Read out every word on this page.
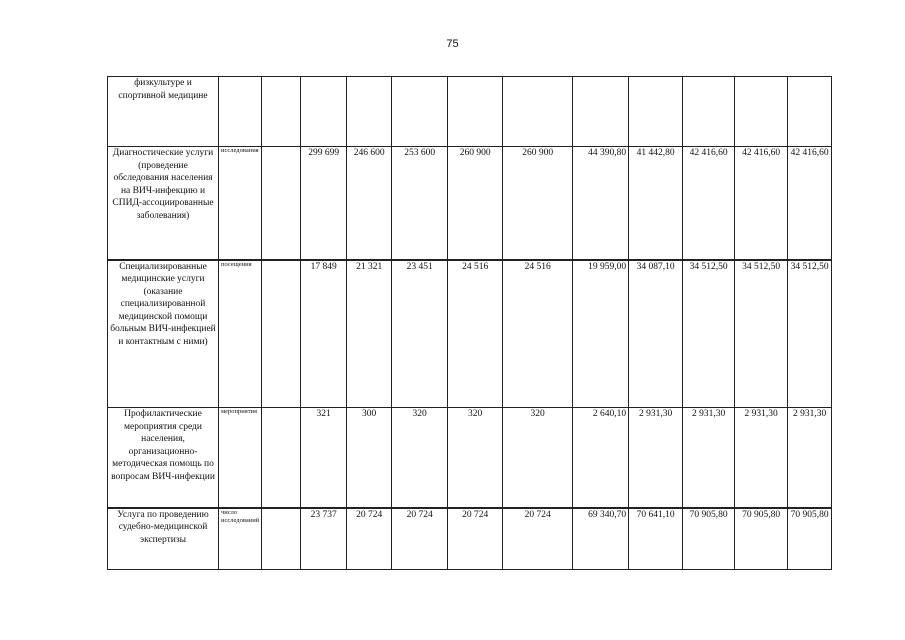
75
физкультуре и спортивной медицине												
Диагностические услуги (проведение обследования населения на ВИЧ-инфекцию и СПИД-ассоциированные заболевания)	исследования		299 699	246 600	253 600	260 900	260 900	44 390,80	41 442,80	42 416,60	42 416,60	42 416,60
Специализированные медицинские услуги (оказание специализированной медицинской помощи больным ВИЧ-инфекцией и контактным с ними)	посещения		17 849	21 321	23 451	24 516	24 516	19 959,00	34 087,10	34 512,50	34 512,50	34 512,50
Профилактические мероприятия среди населения, организационно-методическая помощь по вопросам ВИЧ-инфекции	мероприятия		321	300	320	320	320	2 640,10	2 931,30	2 931,30	2 931,30	2 931,30
Услуга по проведению судебно-медицинской экспертизы	число исследований		23 737	20 724	20 724	20 724	20 724	69 340,70	70 641,10	70 905,80	70 905,80	70 905,80
